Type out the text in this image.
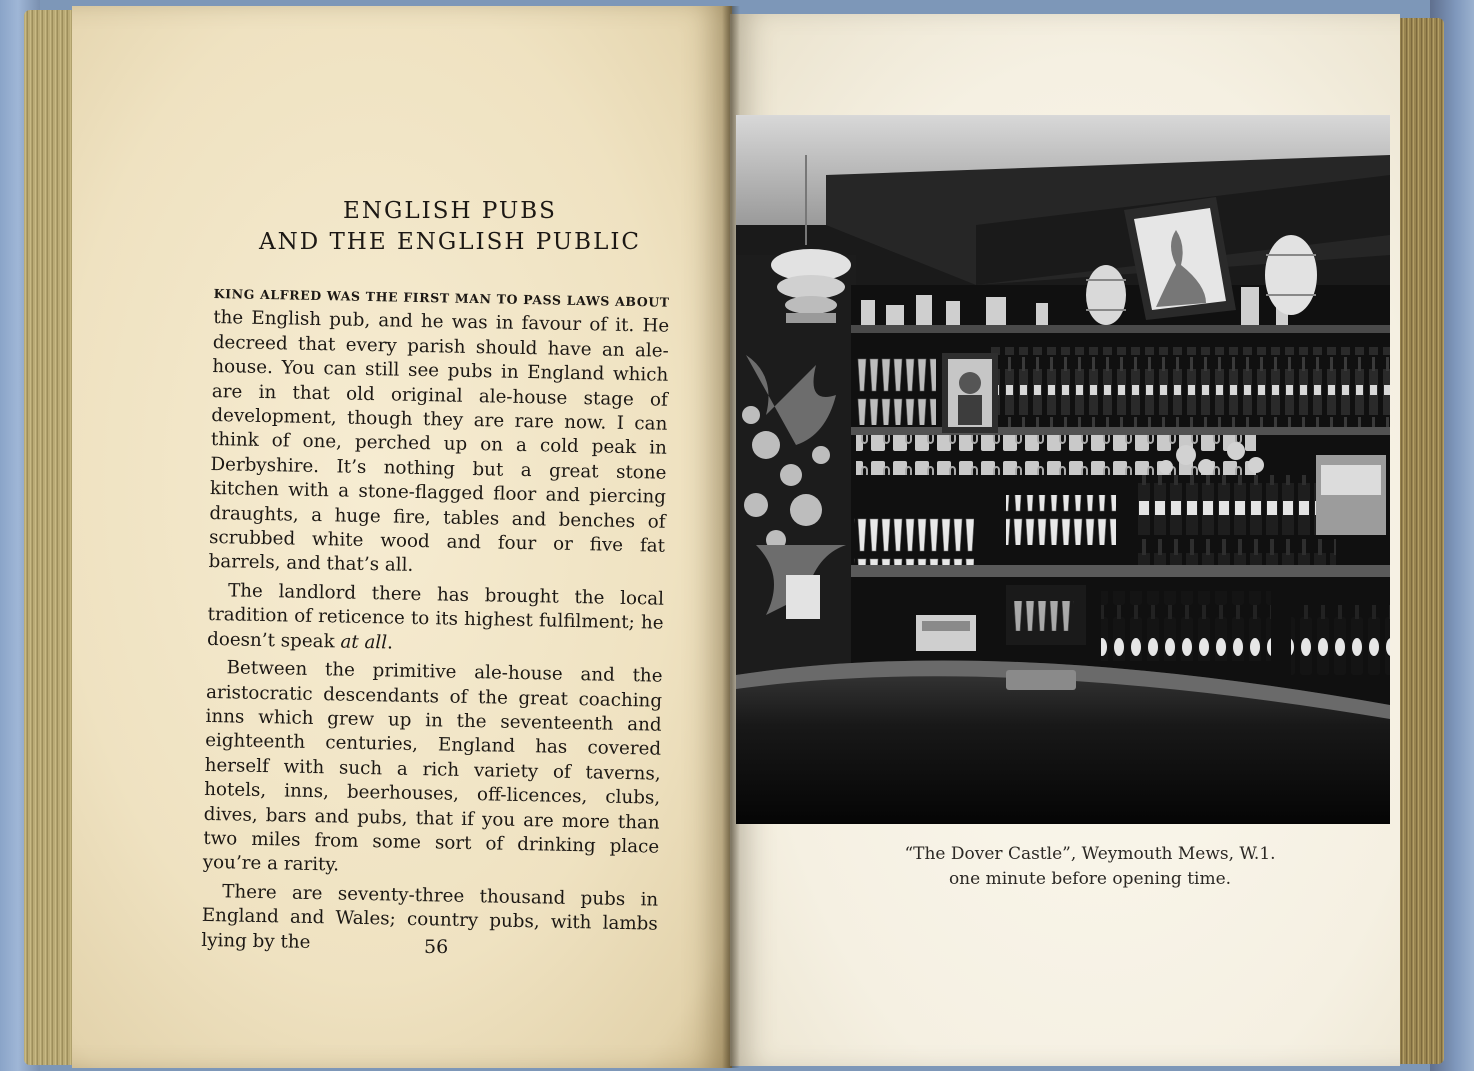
ENGLISH PUBS
AND THE ENGLISH PUBLIC

KING ALFRED WAS THE FIRST MAN TO PASS LAWS ABOUT the English pub, and he was in favour of it. He decreed that every parish should have an ale-house. You can still see pubs in England which are in that old original ale-house stage of development, though they are rare now. I can think of one, perched up on a cold peak in Derbyshire. It’s nothing but a great stone kitchen with a stone-flagged floor and piercing draughts, a huge fire, tables and benches of scrubbed white wood and four or five fat barrels, and that’s all.

The landlord there has brought the local tradition of reticence to its highest fulfilment; he doesn’t speak at all.

Between the primitive ale-house and the aristocratic descendants of the great coaching inns which grew up in the seventeenth and eighteenth centuries, England has covered herself with such a rich variety of taverns, hotels, inns, beerhouses, off-licences, clubs, dives, bars and pubs, that if you are more than two miles from some sort of drinking place you’re a rarity.

There are seventy-three thousand pubs in England and Wales; country pubs, with lambs lying by the	56
“The Dover Castle”, Weymouth Mews, W.1.
one minute before opening time.
